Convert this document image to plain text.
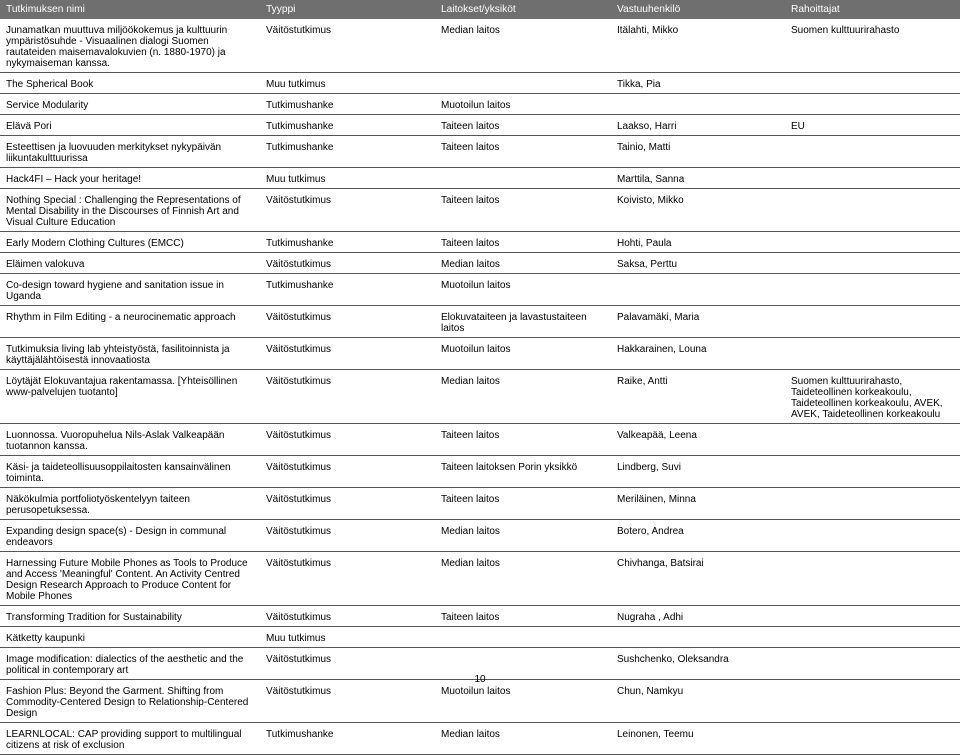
Tutkimuksen nimi	Tyyppi	Laitokset/yksiköt	Vastuuhenkilö	Rahoittajat
Junamatkan muuttuva miljöökokemus ja kulttuurin ympäristösuhde - Visuaalinen dialogi Suomen rautateiden maisemavalokuvien (n. 1880-1970) ja nykymaiseman kanssa.	Väitöstutkimus	Median laitos	Itälahti, Mikko	Suomen kulttuurirahasto
The Spherical Book	Muu tutkimus		Tikka, Pia	
Service Modularity	Tutkimushanke	Muotoilun laitos		
Elävä Pori	Tutkimushanke	Taiteen laitos	Laakso, Harri	EU
Esteettisen ja luovuuden merkitykset nykypäivän liikuntakulttuurissa	Tutkimushanke	Taiteen laitos	Tainio, Matti	
Hack4FI – Hack your heritage!	Muu tutkimus		Marttila, Sanna	
Nothing Special : Challenging the Representations of Mental Disability in the Discourses of Finnish Art and Visual Culture Education	Väitöstutkimus	Taiteen laitos	Koivisto, Mikko	
Early Modern Clothing Cultures (EMCC)	Tutkimushanke	Taiteen laitos	Hohti, Paula	
Eläimen valokuva	Väitöstutkimus	Median laitos	Saksa, Perttu	
Co-design toward hygiene and sanitation issue in Uganda	Tutkimushanke	Muotoilun laitos		
Rhythm in Film Editing - a neurocinematic approach	Väitöstutkimus	Elokuvataiteen ja lavastustaiteen laitos	Palavamäki, Maria	
Tutkimuksia living lab yhteistyöstä, fasilitoinnista ja käyttäjälähtöisestä innovaatiosta	Väitöstutkimus	Muotoilun laitos	Hakkarainen, Louna	
Löytäjät Elokuvantajua rakentamassa. [Yhteisöllinen www-palvelujen tuotanto]	Väitöstutkimus	Median laitos	Raike, Antti	Suomen kulttuurirahasto, Taideteollinen korkeakoulu, Taideteollinen korkeakoulu, AVEK, AVEK, Taideteollinen korkeakoulu
Luonnossa. Vuoropuhelua Nils-Aslak Valkeapään tuotannon kanssa.	Väitöstutkimus	Taiteen laitos	Valkeapää, Leena	
Käsi- ja taideteollisuusoppilaitosten kansainvälinen toiminta.	Väitöstutkimus	Taiteen laitoksen Porin yksikkö	Lindberg, Suvi	
Näkökulmia portfoliotyöskentelyyn taiteen perusopetuksessa.	Väitöstutkimus	Taiteen laitos	Meriläinen, Minna	
Expanding design space(s) - Design in communal endeavors	Väitöstutkimus	Median laitos	Botero, Andrea	
Harnessing Future Mobile Phones as Tools to Produce and Access 'Meaningful' Content. An Activity Centred Design Research Approach to Produce Content for Mobile Phones	Väitöstutkimus	Median laitos	Chivhanga, Batsirai	
Transforming Tradition for Sustainability	Väitöstutkimus	Taiteen laitos	Nugraha , Adhi	
Kätketty kaupunki	Muu tutkimus			
Image modification: dialectics of the aesthetic and the political in contemporary art	Väitöstutkimus		Sushchenko, Oleksandra	
Fashion Plus: Beyond the Garment. Shifting from Commodity-Centered Design to Relationship-Centered Design	Väitöstutkimus	Muotoilun laitos	Chun, Namkyu	
LEARNLOCAL: CAP providing support to multilingual citizens at risk of exclusion	Tutkimushanke	Median laitos	Leinonen, Teemu	
10
